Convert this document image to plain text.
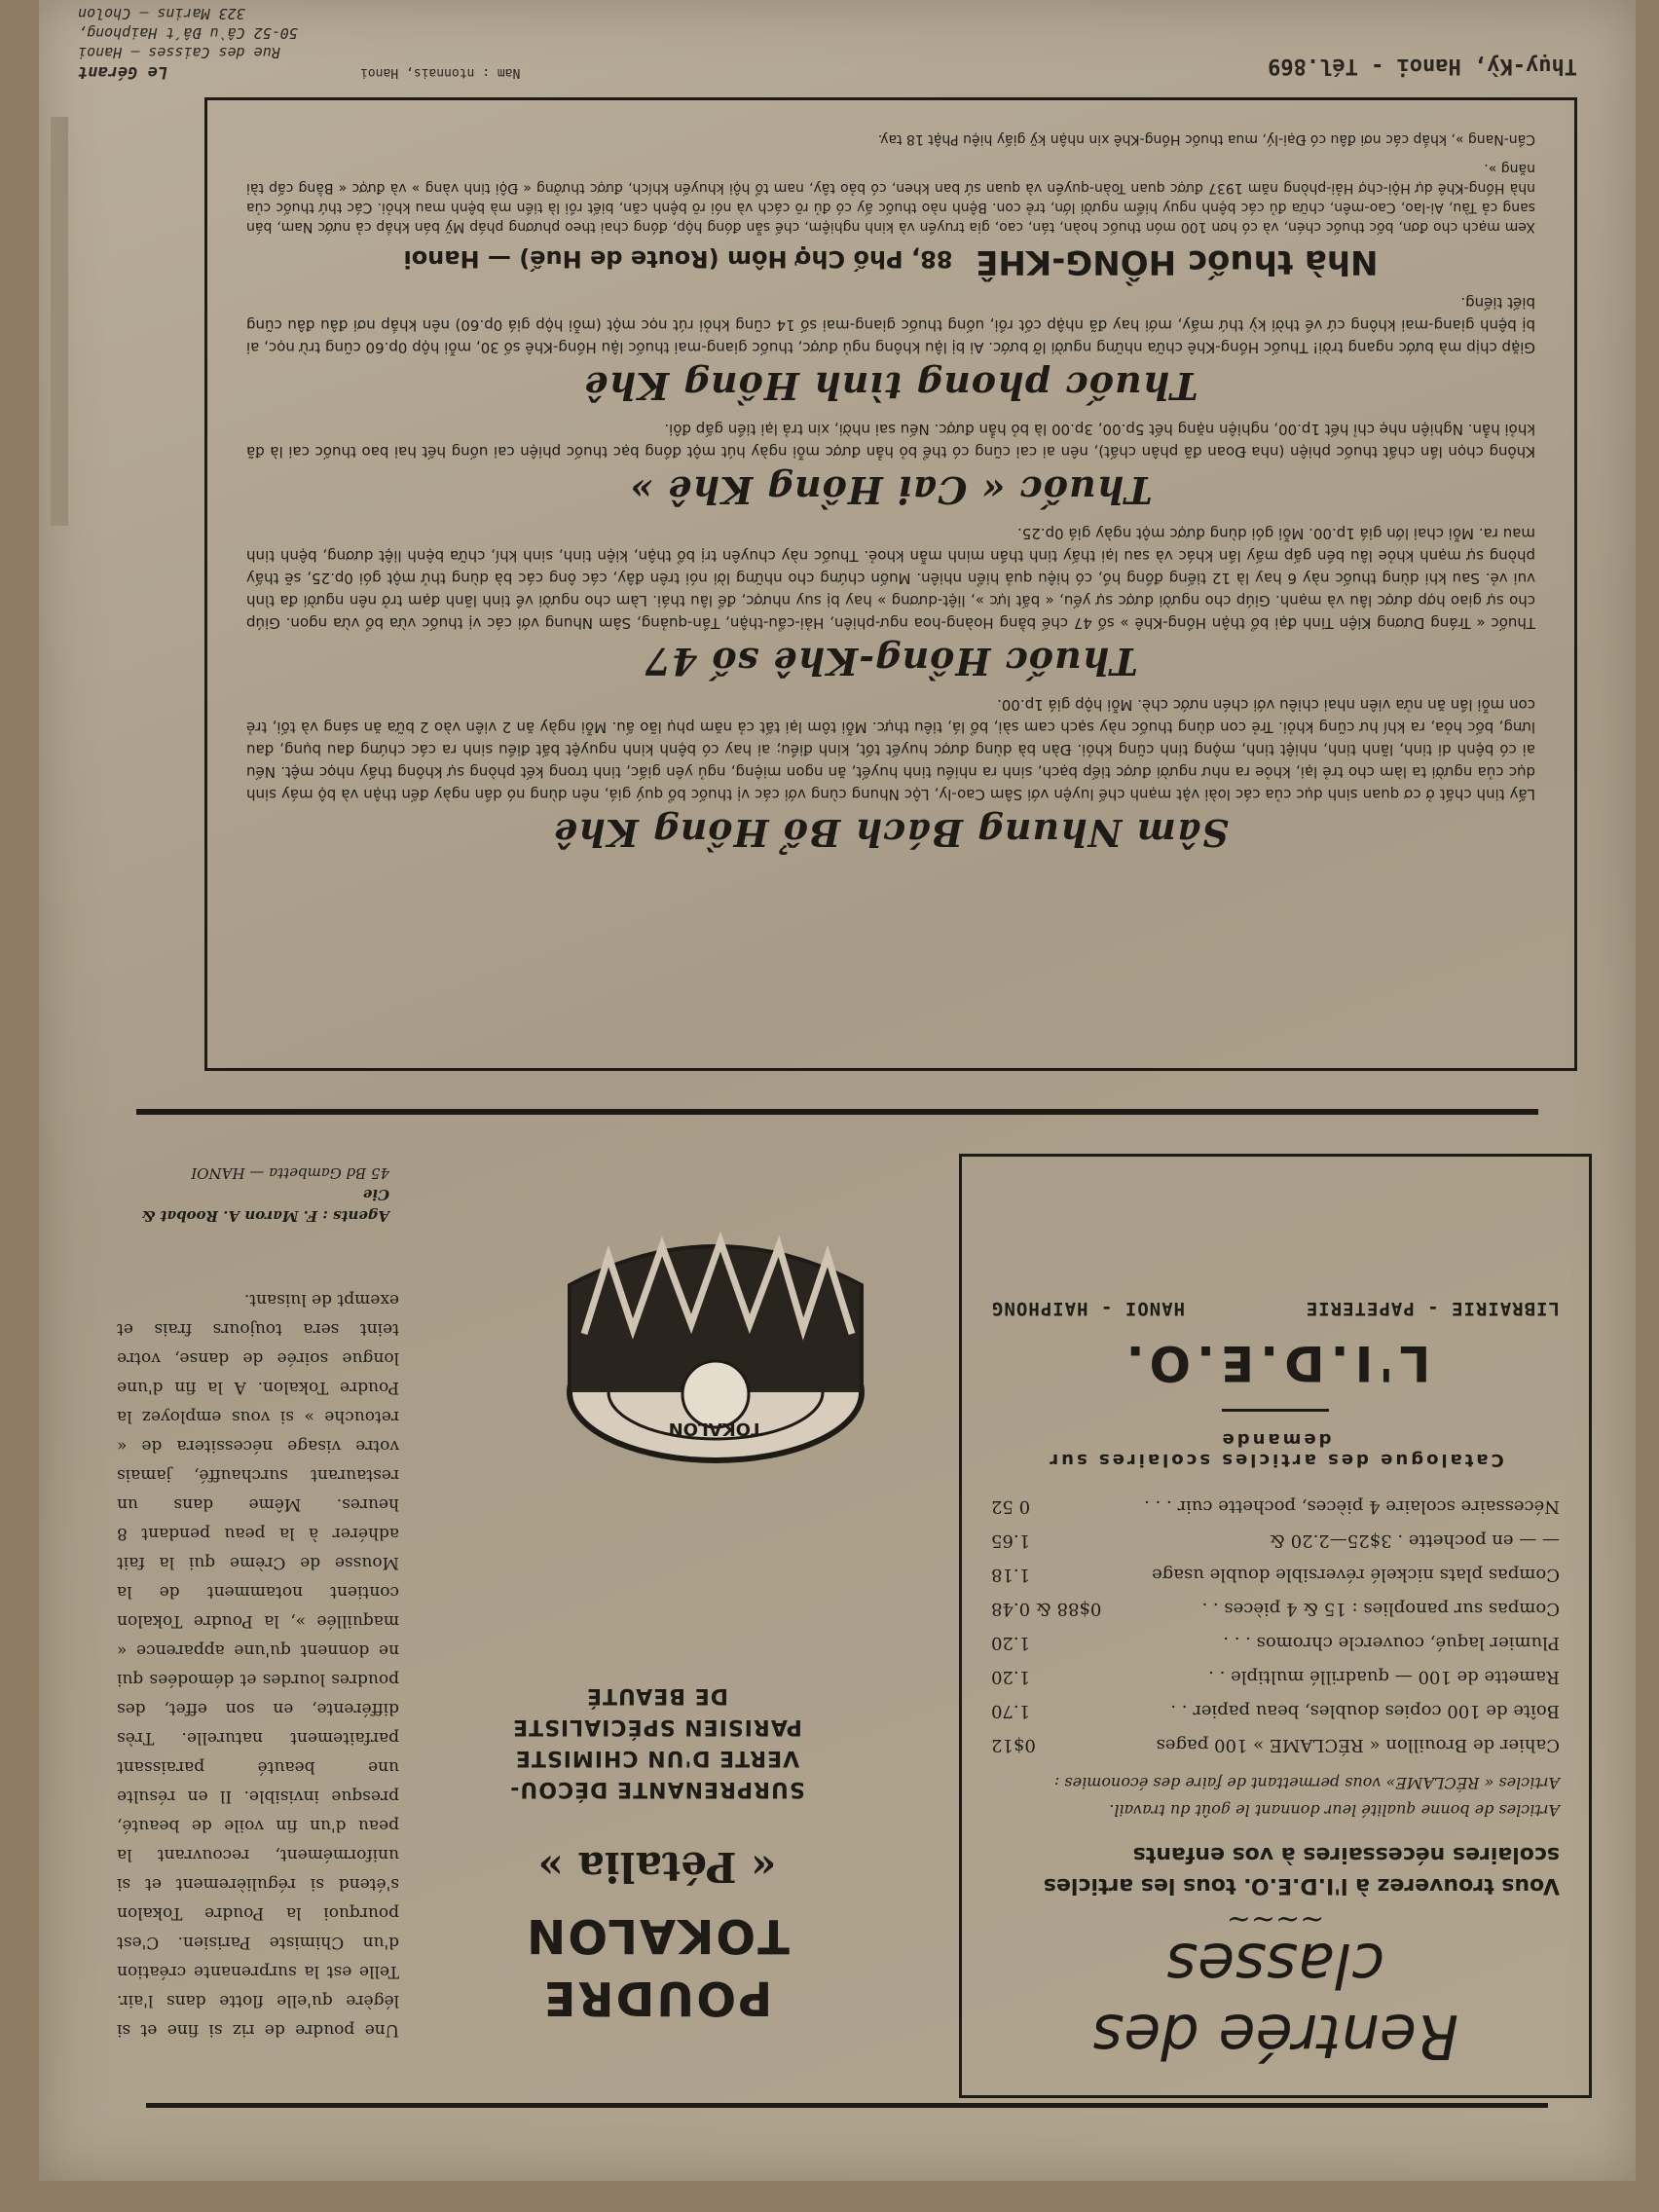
Thụy-Kỳ, Hanoi - Tél.869
Nam : ntonnais, Hanoi
Le Gérant
Rue des Caisses — Hanoi
50-52 Cầu Đất Haiphong,
323 Marins — Cholon
Sâm Nhung Bách Bổ Hồng Khê

Lấy tinh chất ở cơ quan sinh dục của các loài vật mạnh chế luyện với Sâm Cao-ly, Lộc Nhung cùng với các vị thuốc bổ quý giá, nên dùng nó dần ngày đến thận và bộ máy sinh dục của người ta làm cho trẻ lại, khỏe ra như người được tiếp bạch, sinh ra nhiều tinh huyết, ăn ngon miệng, ngủ yên giấc, tinh trong kết phòng sự không thấy nhọc mệt. Nếu ai có bệnh di tinh, lãnh tinh, nhiệt tinh, mộng tinh cũng khỏi. Đàn bà dùng được huyết tốt, kinh điều; ai hay có bệnh kinh nguyệt bất điều sinh ra các chứng đau bụng, đau lưng, bốc hỏa, ra khí hư cũng khỏi. Trẻ con dùng thuốc này sạch cam sài, bổ lá, tiêu thực. Mỗi tôm lại tất cả năm phụ lão ấu. Mỗi ngày ăn 2 viên vào 2 bữa ăn sáng và tối, trẻ con mỗi lần ăn nửa viên nhai chiêu với chén nước chè. Mỗi hộp giá 1p.00.

Thuốc Hồng-Khê số 47

Thuốc « Tráng Dương Kiện Tinh đại bổ thận Hồng-Khê » số 47 chế bằng Hoàng-hoa ngư-phiên, Hải-cẩu-thận, Tần-quảng, Sâm Nhung với các vị thuốc vừa bổ vừa ngon. Giúp cho sự giao hợp được lâu và mạnh. Giúp cho người được sự yếu, « bất lực », liệt-dương » hay bị suy nhược, để lâu thái. Làm cho người về tinh lãnh đạm trở nên người đa tình vui vẻ. Sau khi dùng thuốc này 6 hay là 12 tiếng đồng hồ, có hiệu quả hiển nhiên. Muốn chứng cho những lời nói trên đây, các ông các bà dùng thử một gói 0p.25, sẽ thấy phòng sự mạnh khỏe lâu bền gấp mấy lần khác và sau lại thấy tinh thần minh mẫn khoẻ. Thuốc này chuyên trị bổ thận, kiện tinh, sinh khí, chữa bệnh liệt dương, bệnh tinh mau ra. Mỗi chai lớn giá 1p.00. Mỗi gói dùng được một ngày giá 0p.25.

Thuốc « Cai Hồng Khê »

Không chọn lần chất thuốc phiện (nha Đoan đã phân chất), nên ai cai cũng có thể bỏ hẳn được mỗi ngày hút một đồng bạc thuốc phiện cai uống hết hai bao thuốc cai là đã khỏi hẳn. Nghiện nhẹ chỉ hết 1p.00, nghiện nặng hết 5p.00, 3p.00 là bỏ hẳn được. Nếu sai nhời, xin trả lại tiền gấp đôi.

Thuốc phong tình Hồng Khê

Giặp chịp mà bước ngang trời! Thuốc Hồng-Khê chữa những người lỡ bước. Ai bị lậu không ngủ được, thuốc giang-mai thuốc lậu Hồng-Khê số 30, mỗi hộp 0p.60 cũng trừ nọc, ai bị bệnh giang-mai không cứ về thời kỳ thứ mấy, mới hay đã nhập cốt rồi, uống thuốc giang-mai số 14 cũng khỏi rút nọc một (mỗi hộp giá 0p.60) nên khắp nơi đâu đâu cũng biết tiếng.

Nhà thuốc HỒNG-KHÊ  88, Phố Chợ Hôm (Route de Huế) — Hanoi

Xem mạch cho đơn, bốc thuốc chén, và có hơn 100 món thuốc hoàn, tán, cao, gia truyền và kinh nghiệm, chế sẵn đóng hộp, đóng chai theo phương pháp Mỹ bán khắp cả nước Nam, bán sang cả Tàu, Ai-lao, Cao-mên, chữa đủ các bệnh nguy hiểm người lớn, trẻ con. Bệnh nào thuốc ấy có đủ rõ cách và nói rõ bệnh căn, biết rồi là tiền mà bệnh mau khỏi. Các thứ thuốc của nhà Hồng-Khê dự Hội-chợ Hải-phòng năm 1937 được quan Toàn-quyền và quan sứ ban khen, có bảo tây, nam tổ hội khuyến khích, được thưởng « Đội tinh vàng » và được « Bằng cấp tài năng ».

Cần-Nang », khắp các nơi đâu có Đại-lý, mua thuốc Hồng-Khê xin nhận kỹ giấy hiệu Phật 18 tay.

Rentrée des classes
~~~~
Vous trouverez à l'I.D.E.O. tous les articles scolaires nécessaires à vos enfants
Articles de bonne qualité leur donnant le goût du travail.
Articles « RÉCLAME» vous permettant de faire des économies :
Cahier de Brouillon « RÉCLAME » 100 pages
0$12
Boîte de 100 copies doubles, beau papier . .
1.70
Ramette de 100 — quadrillé multiple . .
1.20
Plumier laqué, couvercle chromos . . .
1.20
Compas sur panoplies : 15 & 4 pièces . .
0$88 & 0.48
Compas plats nickelé réversible double usage
1.18
— — en pochette . 3$25—2.20 &
1.65
Nécessaire scolaire 4 pièces, pochette cuir . . .
0 52
Catalogue des articles scolaires sur demande
L'I.D.E.O.
LIBRAIRIE - PAPETERIE
HANOI - HAIPHONG
POUDRE
TOKALON
« Pétalia »
SURPRENANTE DÉCOU-
VERTE D'UN CHIMISTE
PARISIEN SPÉCIALISTE
DE BEAUTÉ
Une poudre de riz si fine et si légère qu'elle flotte dans l'air. Telle est la surprenante création d'un Chimiste Parisien. C'est pourquoi la Poudre Tokalon s'étend si régulièrement et si uniformément, recouvrant la peau d'un fin voile de beauté, presque invisible. Il en résulte une beauté paraissant parfaitement naturelle. Très différente, en son effet, des poudres lourdes et démodées qui ne donnent qu'une apparence « maquillée », la Poudre Tokalon contient notamment de la Mousse de Crème qui la fait adhérer à la peau pendant 8 heures. Même dans un restaurant surchauffé, jamais votre visage nécessitera de « retouche » si vous employez la Poudre Tokalon. A la fin d'une longue soirée de danse, votre teint sera toujours frais et exempt de luisant.
Agents : F. Maron A. Roobat & Cie
45 Bd Gambetta — HANOI
TOKALON
